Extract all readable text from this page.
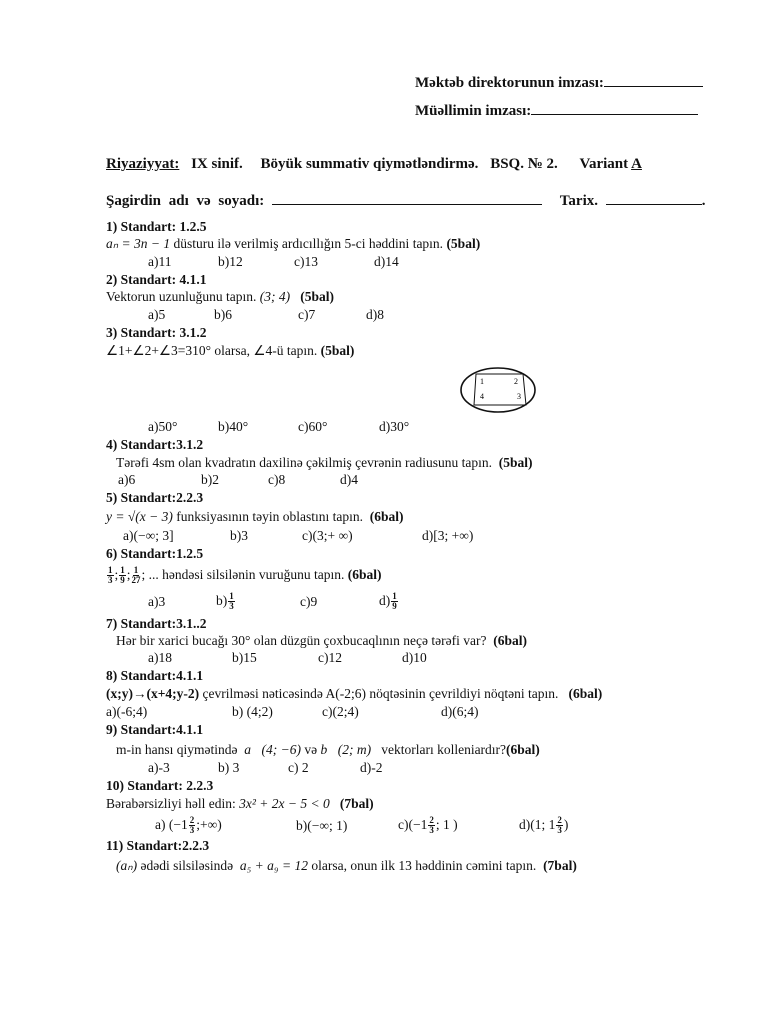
Məktəb direktorunun imzası:
Müəllimin imzası:
Riyaziyyat: IX sinif. Böyük summativ qiymətləndirmə. BSQ. № 2. Variant A
Şagirdin adı və soyadı:	Tarix.	.
1) Standart: 1.2.5
aₙ = 3n − 1 düsturu ilə verilmiş ardıcıllığın 5-ci həddini tapın. (5bal)
a)11	b)12	c)13	d)14
2) Standart: 4.1.1
Vektorun uzunluğunu tapın. (3; 4) (5bal)
a)5	b)6	c)7	d)8
3) Standart: 3.1.2
∠1+∠2+∠3=310° olarsa, ∠4-ü tapın. (5bal)
1	2
4	3
a)50°	b)40°	c)60°	d)30°
4) Standart:3.1.2
Tərəfi 4sm olan kvadratın daxilinə çəkilmiş çevrənin radiusunu tapın. (5bal)
a)6	b)2	c)8	d)4
5) Standart:2.2.3
y = √(x − 3) funksiyasının təyin oblastını tapın. (6bal)
a)(−∞; 3]	b)3	c)(3;+ ∞)	d)[3; +∞)
6) Standart:1.2.5
$\frac{1}{3}$ ; $\frac{1}{9}$ ; $\frac{1}{27}$ ; ... həndəsi silsilənin vuruğunu tapın. (6bal)
a)3	$b) \frac{1}{3}$	c)9	$d) \frac{1}{9}$
7) Standart:3.1..2
Hər bir xarici bucağı 30° olan düzgün çoxbucaqlının neçə tərəfi var? (6bal)
a)18	b)15	c)12	d)10
8) Standart:4.1.1
(x;y)→(x+4;y-2) çevrilməsi nəticəsində A(-2;6) nöqtəsinin çevrildiyi nöqtəni tapın. (6bal)
a)(-6;4)	b) (4;2)	c)(2;4)	d)(6;4)
9) Standart:4.1.1
m-in hansı qiymətində a⃗(4; −6) və b⃗(2; m) vektorları kolleniardır?(6bal)
a)-3	b) 3	c) 2	d)-2
10) Standart: 2.2.3
Bərabərsizliyi həll edin: 3x² + 2x − 5 < 0 (7bal)
a) ($-1 \frac{2}{3}$ ;+∞)	b)(−∞; 1)	$c)(-1 \frac{2}{3}$ ; 1 )	d)(1; $1 \frac{2}{3}$ )
11) Standart:2.2.3
(aₙ) ədədi silsiləsində  a₅ + a₉ = 12 olarsa, onun ilk 13 həddinin cəmini tapın. (7bal)
